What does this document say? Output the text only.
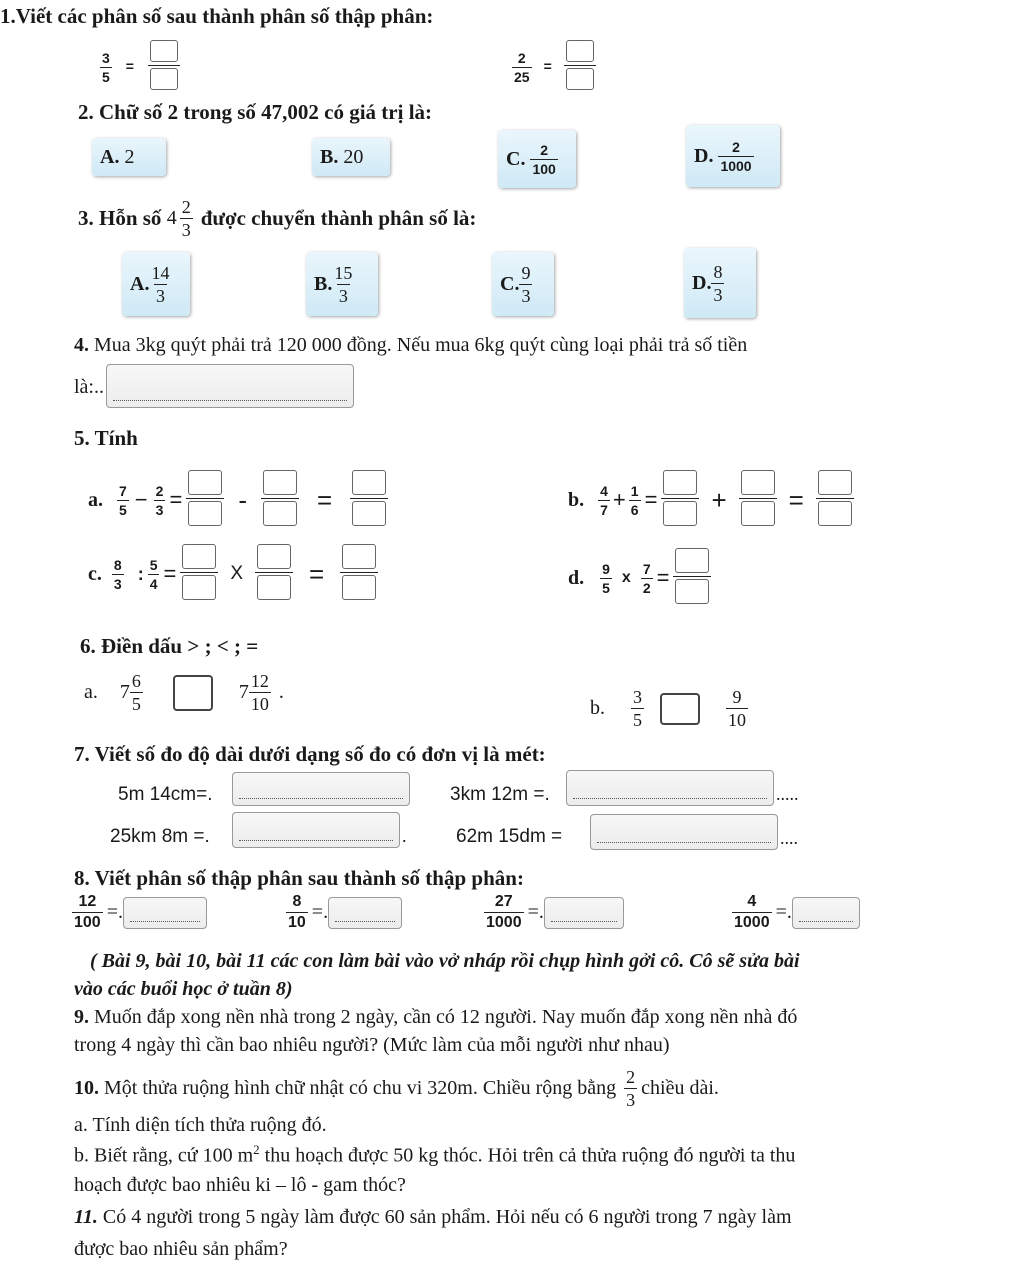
1.Viết các phân số sau thành phân số thập phân:
$\frac{3}{5}$ =	$\frac{2}{25}$ =
2. Chữ số 2 trong số 47,002 có giá trị là:
A.
2	B.
20	C.
$\frac{2}{100}$	D.
$\frac{2}{1000}$
3. Hỗn số
$4 \frac{2}{3}$ được chuyển thành phân số là:
A. $\frac{14}{3}$	B. $\frac{15}{3}$	C. $\frac{9}{3}$	D. $\frac{8}{3}$
4. Mua 3kg quýt phải trả 120 000 đồng. Nếu mua 6kg quýt cùng loại phải trả số tiền
là:..
5. Tính
a. $\frac{7}{5} - \frac{2}{3}$ = -	=	b. $\frac{4}{7} + \frac{1}{6}$ = + =
c. $\frac{8}{3}$ : $\frac{5}{4}$ =	X	=	d. $\frac{9}{5}$ x $\frac{7}{2}$ =
6. Điền dấu > ; < ; =
a. $7 \frac{6}{5}$	$7 \frac{12}{10}$ .
b. $\frac{3}{5}$	$\frac{9}{10}$
7. Viết số đo độ dài dưới dạng số đo có đơn vị là mét:
5m 14cm=.	3km 12m =.	.....
25km 8m =.	.	62m 15dm =	....
8. Viết phân số thập phân sau thành số thập phân:
$\frac{12}{100}$ =.	$\frac{8}{10}$ =.	$\frac{27}{1000}$ =.	$\frac{4}{1000}$ =.
( Bài 9, bài 10, bài 11 các con làm bài vào vở nháp rồi chụp hình gởi cô. Cô sẽ sửa bài
vào các buổi học ở tuần 8)
9. Muốn đắp xong nền nhà trong 2 ngày, cần có 12 người. Nay muốn đắp xong nền nhà đó
trong 4 ngày thì cần bao nhiêu người? (Mức làm của mỗi người như nhau)
10.
Một thửa ruộng hình chữ nhật có chu vi 320m. Chiều rộng bằng $\frac{2}{3}$ chiều dài.
a. Tính diện tích thửa ruộng đó.
b. Biết rằng, cứ 100 $m^2$ thu hoạch được 50 kg thóc. Hỏi trên cả thửa ruộng đó người ta thu
hoạch được bao nhiêu ki – lô - gam thóc?
11. Có 4 người trong 5 ngày làm được 60 sản phẩm. Hỏi nếu có 6 người trong 7 ngày làm
được bao nhiêu sản phẩm?
